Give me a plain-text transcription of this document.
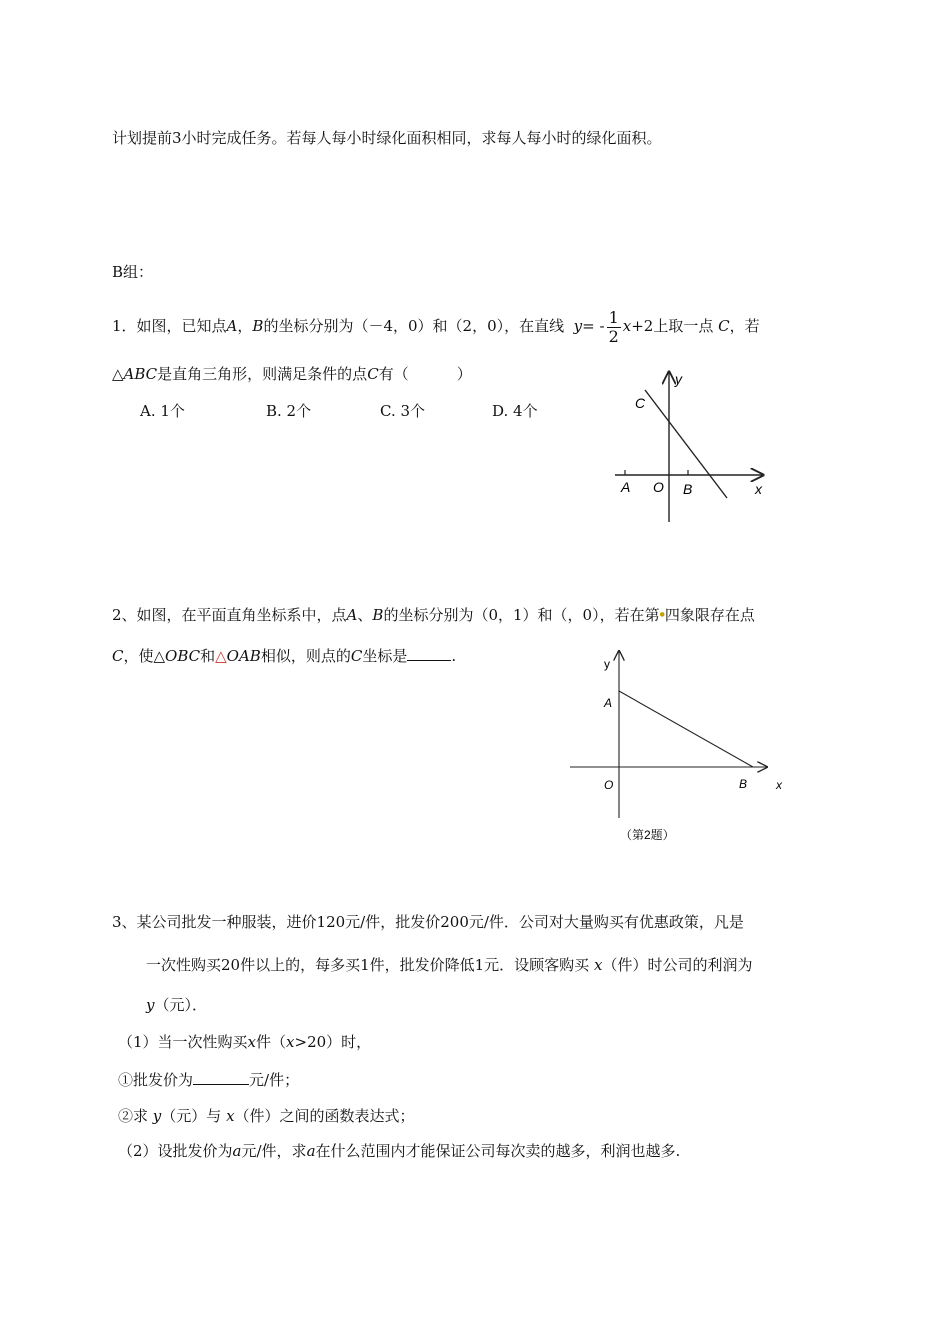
计划提前3小时完成任务。若每人每小时绿化面积相同，求每人每小时的绿化面积。
B组：
1．如图，已知点A，B的坐标分别为（－4，0）和（2，0），在直线 $y= - \frac{1}{2} x+2$上取一点 C，若
△ABC是直角三角形，则满足条件的点C有（	）
A. 1个	B. 2个	C. 3个	D. 4个
y
C
A O B	x
2、如图，在平面直角坐标系中，点A、B的坐标分别为（0，1）和（，0），若在第●四象限存在点
C，使△OBC和△OAB相似，则点的C坐标是	.	y
A
O	B x
（第2题）
3、某公司批发一种服装，进价120元/件，批发价200元/件．公司对大量购买有优惠政策，凡是
一次性购买20件以上的，每多买1件，批发价降低1元．设顾客购买 x（件）时公司的利润为
y（元）．
（1）当一次性购买x件（x>20）时，
①批发价为	元/件；
②求 y（元）与 x（件）之间的函数表达式；
（2）设批发价为a元/件，求a在什么范围内才能保证公司每次卖的越多，利润也越多.
